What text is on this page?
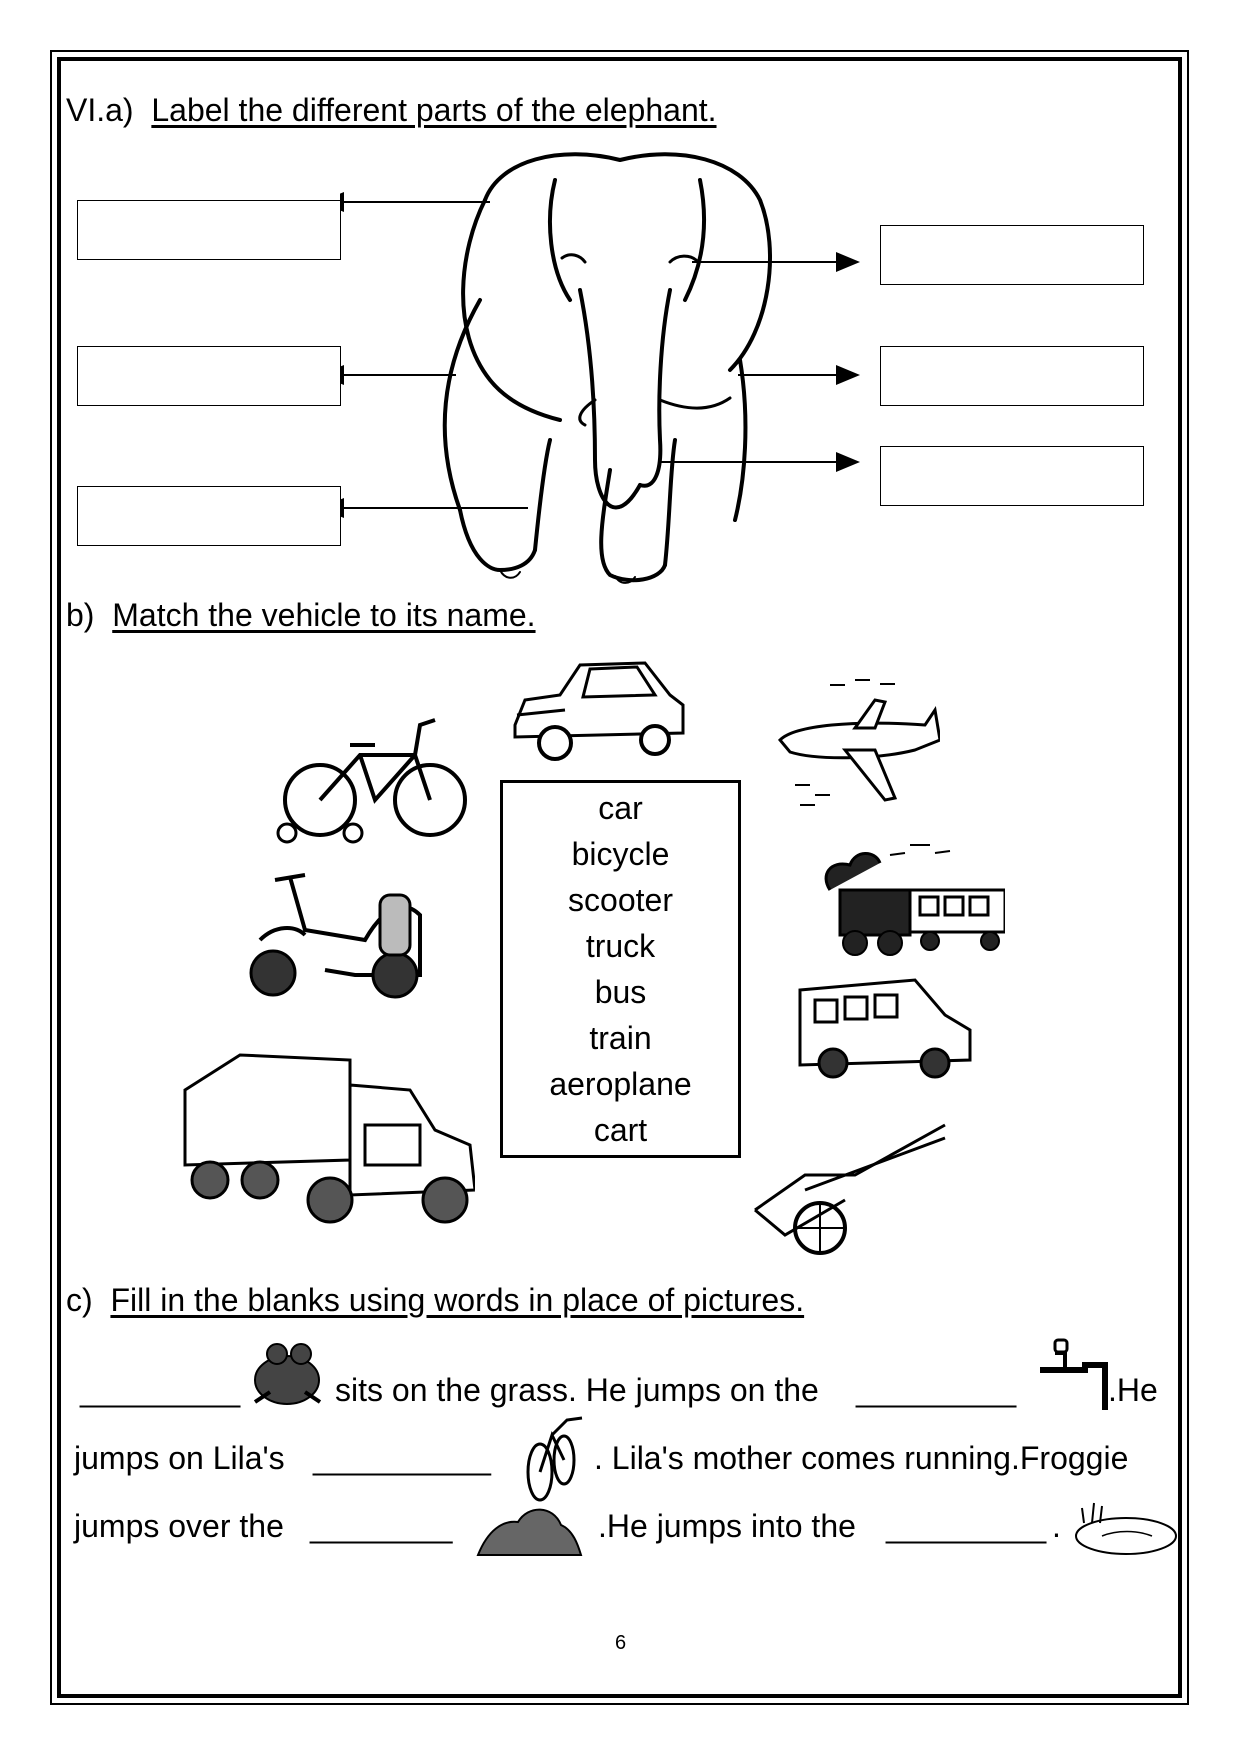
VI.a) Label the different parts of the elephant.
b) Match the vehicle to its name.
car
bicycle
scooter
truck
bus
train
aeroplane
cart
c) Fill in the blanks using words in place of pictures.
_________	sits on the grass. He jumps on the _________	.He
jumps on Lila's __________	. Lila's mother comes running.Froggie
jumps over the ________	.He jumps into the _________ .
6
